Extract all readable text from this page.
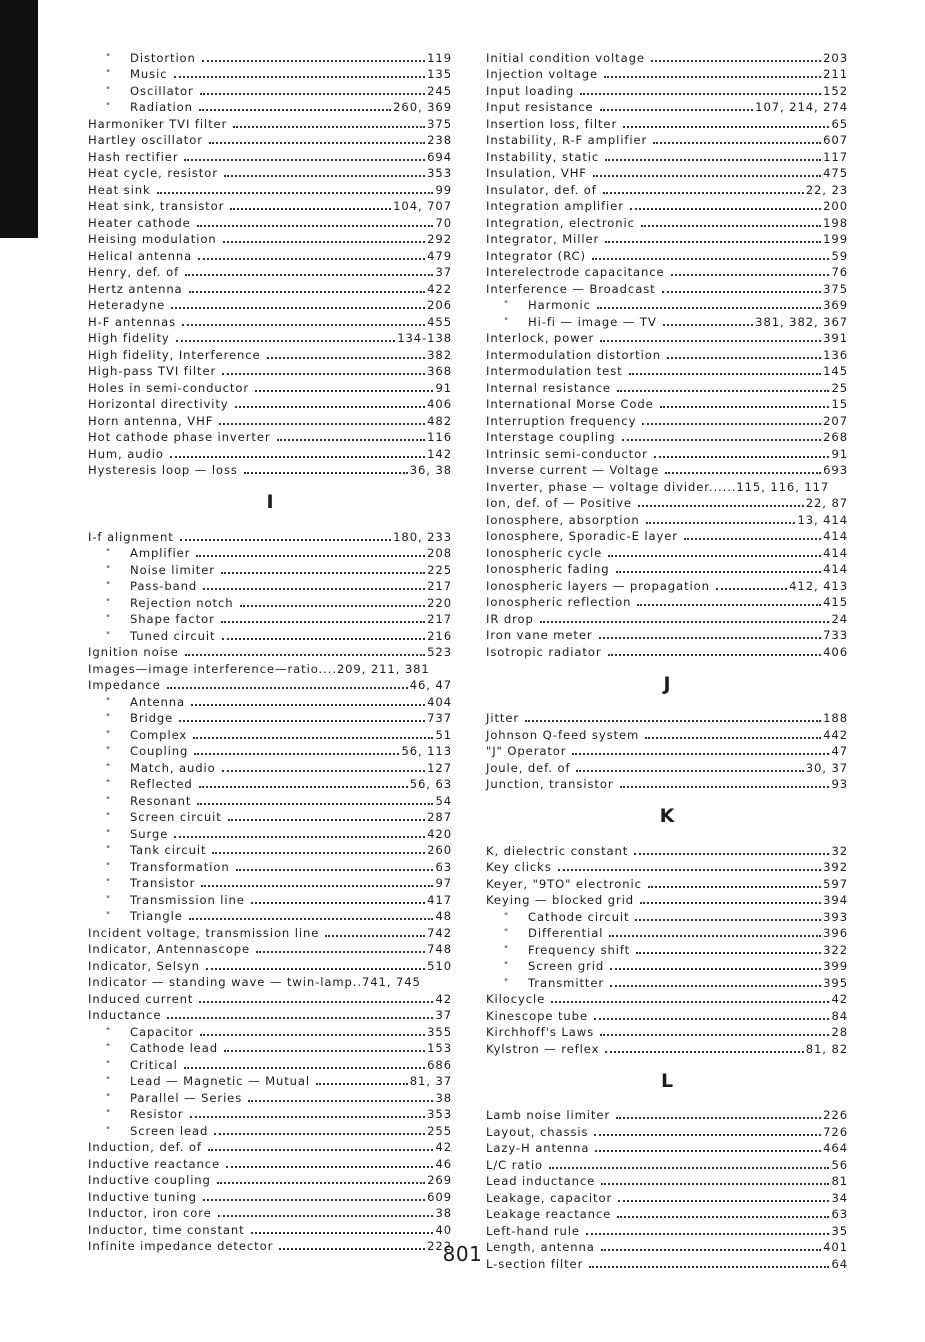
"	Distortion	119
"	Music	135
"	Oscillator	245
"	Radiation	260, 369
Harmoniker TVI filter	375
Hartley oscillator	238
Hash rectifier	694
Heat cycle, resistor	353
Heat sink	99
Heat sink, transistor	104, 707
Heater cathode	70
Heising modulation	292
Helical antenna	479
Henry, def. of	37
Hertz antenna	422
Heteradyne	206
H-F antennas	455
High fidelity	134-138
High fidelity, Interference	382
High-pass TVI filter	368
Holes in semi-conductor	91
Horizontal directivity	406
Horn antenna, VHF	482
Hot cathode phase inverter	116
Hum, audio	142
Hysteresis loop — loss	36, 38
I
I-f alignment	180, 233
"	Amplifier	208
"	Noise limiter	225
"	Pass-band	217
"	Rejection notch	220
"	Shape factor	217
"	Tuned circuit	216
Ignition noise	523
Images—image interference—ratio....209, 211, 381
Impedance	46, 47
"	Antenna	404
"	Bridge	737
"	Complex	51
"	Coupling	56, 113
"	Match, audio	127
"	Reflected	56, 63
"	Resonant	54
"	Screen circuit	287
"	Surge	420
"	Tank circuit	260
"	Transformation	63
"	Transistor	97
"	Transmission line	417
"	Triangle	48
Incident voltage, transmission line	742
Indicator, Antennascope	748
Indicator, Selsyn	510
Indicator — standing wave — twin-lamp..741, 745
Induced current	42
Inductance	37
"	Capacitor	355
"	Cathode lead	153
"	Critical	686
"	Lead — Magnetic — Mutual	81, 37
"	Parallel — Series	38
"	Resistor	353
"	Screen lead	255
Induction, def. of	42
Inductive reactance	46
Inductive coupling	269
Inductive tuning	609
Inductor, iron core	38
Inductor, time constant	40
Infinite impedance detector	222
Initial condition voltage	203
Injection voltage	211
Input loading	152
Input resistance	107, 214, 274
Insertion loss, filter	65
Instability, R-F amplifier	607
Instability, static	117
Insulation, VHF	475
Insulator, def. of	22, 23
Integration amplifier	200
Integration, electronic	198
Integrator, Miller	199
Integrator (RC)	59
Interelectrode capacitance	76
Interference — Broadcast	375
"	Harmonic	369
"	Hi-fi — image — TV	381, 382, 367
Interlock, power	391
Intermodulation distortion	136
Intermodulation test	145
Internal resistance	25
International Morse Code	15
Interruption frequency	207
Interstage coupling	268
Intrinsic semi-conductor	91
Inverse current — Voltage	693
Inverter, phase — voltage divider......115, 116, 117
Ion, def. of — Positive	22, 87
Ionosphere, absorption	13, 414
Ionosphere, Sporadic-E layer	414
Ionospheric cycle	414
Ionospheric fading	414
Ionospheric layers — propagation	412, 413
Ionospheric reflection	415
IR drop	24
Iron vane meter	733
Isotropic radiator	406
J
Jitter	188
Johnson Q-feed system	442
"J" Operator	47
Joule, def. of	30, 37
Junction, transistor	93
K
K, dielectric constant	32
Key clicks	392
Keyer, "9TO" electronic	597
Keying — blocked grid	394
"	Cathode circuit	393
"	Differential	396
"	Frequency shift	322
"	Screen grid	399
"	Transmitter	395
Kilocycle	42
Kinescope tube	84
Kirchhoff's Laws	28
Kylstron — reflex	81, 82
L
Lamb noise limiter	226
Layout, chassis	726
Lazy-H antenna	464
L/C ratio	56
Lead inductance	81
Leakage, capacitor	34
Leakage reactance	63
Left-hand rule	35
Length, antenna	401
L-section filter	64
801
